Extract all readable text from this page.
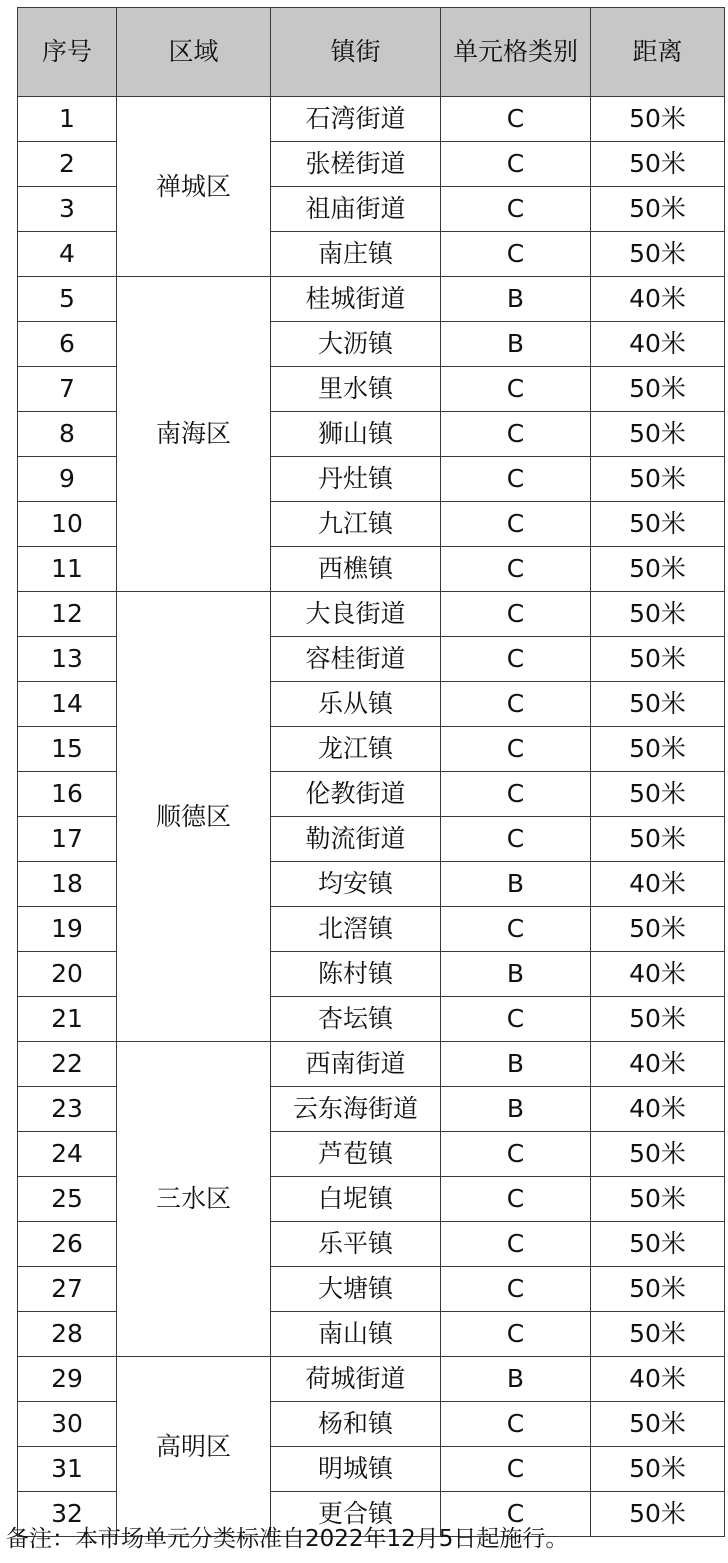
序号	区域	镇街	单元格类别	距离
1	禅城区	石湾街道	C	50米
2		张槎街道	C	50米
3		祖庙街道	C	50米
4		南庄镇	C	50米
5	南海区	桂城街道	B	40米
6		大沥镇	B	40米
7		里水镇	C	50米
8		狮山镇	C	50米
9		丹灶镇	C	50米
10		九江镇	C	50米
11		西樵镇	C	50米
12	顺德区	大良街道	C	50米
13		容桂街道	C	50米
14		乐从镇	C	50米
15		龙江镇	C	50米
16		伦教街道	C	50米
17		勒流街道	C	50米
18		均安镇	B	40米
19		北滘镇	C	50米
20		陈村镇	B	40米
21		杏坛镇	C	50米
22	三水区	西南街道	B	40米
23		云东海街道	B	40米
24		芦苞镇	C	50米
25		白坭镇	C	50米
26		乐平镇	C	50米
27		大塘镇	C	50米
28		南山镇	C	50米
29	高明区	荷城街道	B	40米
30		杨和镇	C	50米
31		明城镇	C	50米
32		更合镇	C	50米
备注：本市场单元分类标准自2022年12月5日起施行。
